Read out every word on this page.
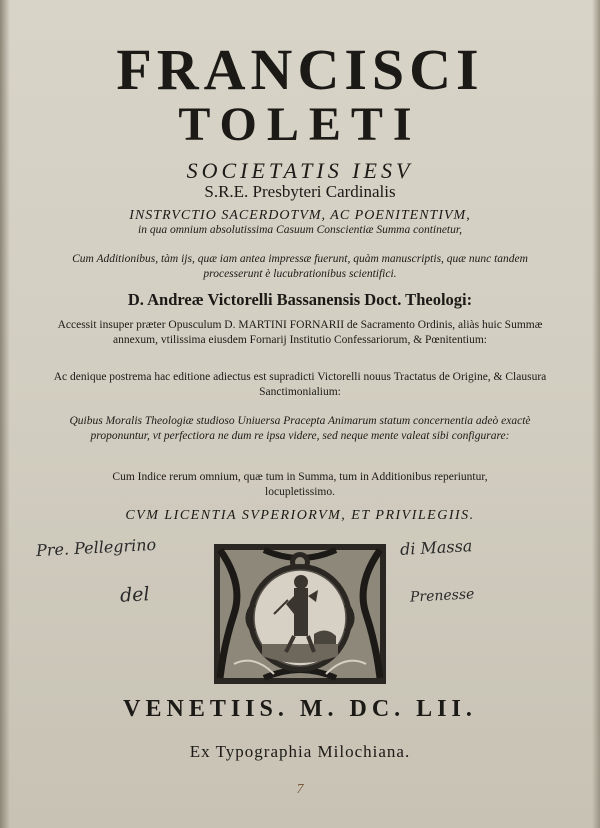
FRANCISCI

TOLETI

SOCIETATIS IESV

S.R.E. Presbyteri Cardinalis

INSTRVCTIO SACERDOTVM, AC POENITENTIVM,

in qua omnium absolutissima Casuum Conscientiæ Summa continetur,

Cum Additionibus, tàm ijs, quæ iam antea impressæ fuerunt, quàm manuscriptis, quæ nunc tandem processerunt è lucubrationibus scientifici.

D. Andreæ Victorelli Bassanensis Doct. Theologi:

Accessit insuper præter Opusculum D. MARTINI FORNARII de Sacramento Ordinis, aliàs huic Summæ annexum, vtilissima eiusdem Fornarij Institutio Confessariorum, & Pœnitentium:

Ac denique postrema hac editione adiectus est supradicti Victorelli nouus Tractatus de Origine, & Clausura Sanctimonialium:

Quibus Moralis Theologiæ studioso Uniuersa Pracepta Animarum statum concernentia adeò exactè proponuntur, vt perfectiora ne dum re ipsa videre, sed neque mente valeat sibi configurare:

Cum Indice rerum omnium, quæ tum in Summa, tum in Additionibus reperiuntur, locupletissimo.

CVM LICENTIA SVPERIORVM, ET PRIVILEGIIS.

Pre. Pellegrino
del
di Massa
Prenesse

VENETIIS. M. DC. LII.

Ex Typographia Milochiana.

7
